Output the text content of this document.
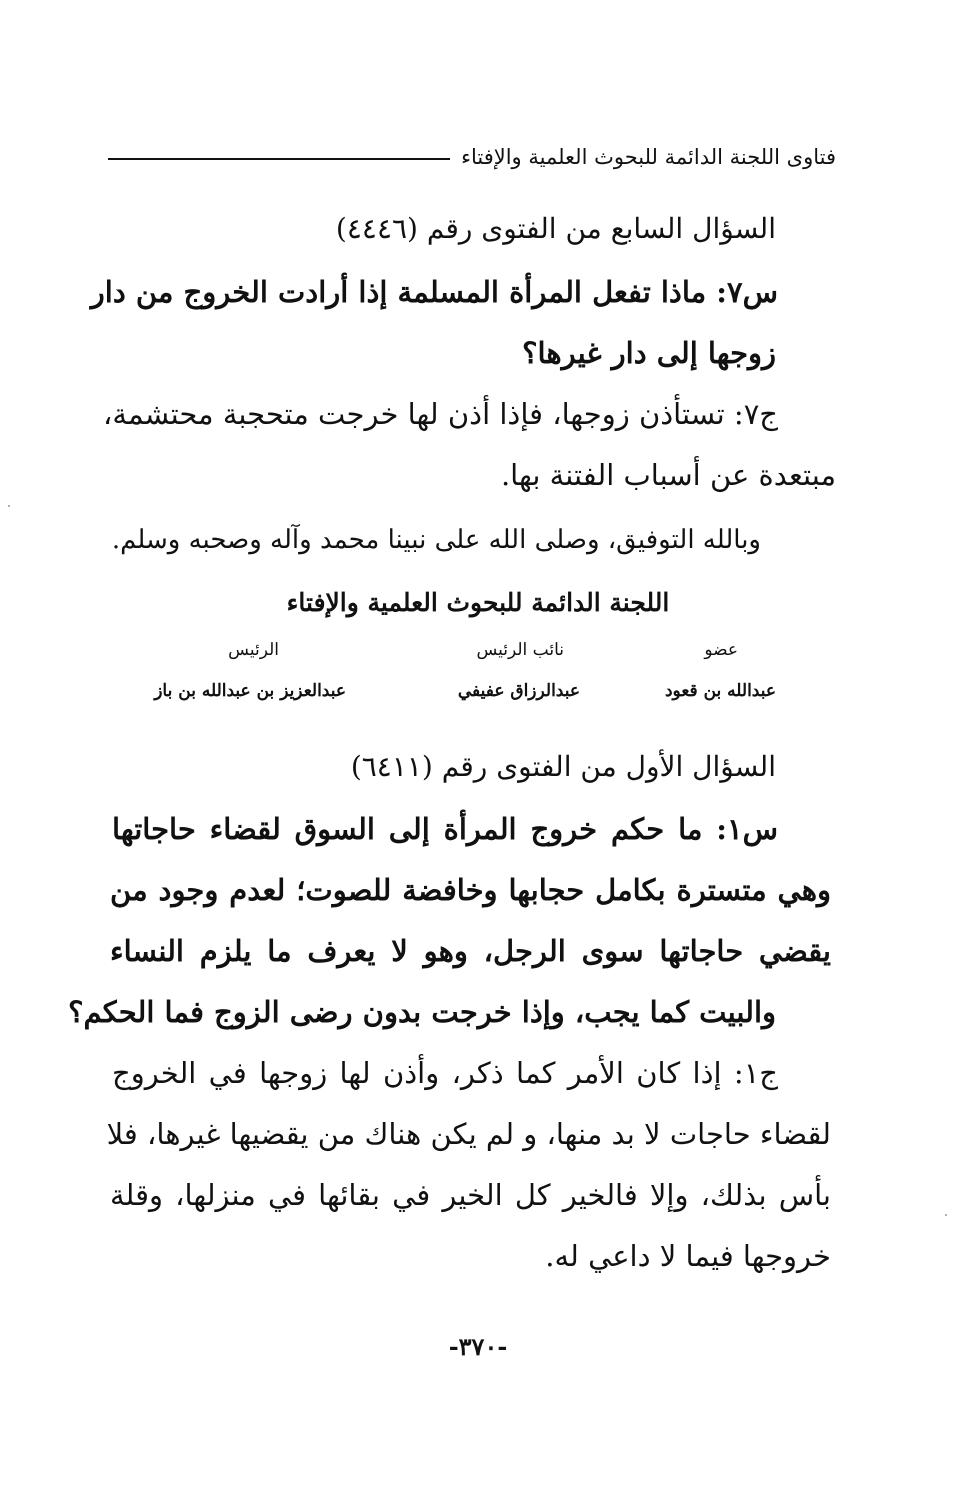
فتاوى اللجنة الدائمة للبحوث العلمية والإفتاء
السؤال السابع من الفتوى رقم (٤٤٤٦)
س٧: ماذا تفعل المرأة المسلمة إذا أرادت الخروج من دار
زوجها إلى دار غيرها؟
ج٧: تستأذن زوجها، فإذا أذن لها خرجت متحجبة محتشمة،
مبتعدة عن أسباب الفتنة بها.
وبالله التوفيق، وصلى الله على نبينا محمد وآله وصحبه وسلم.
اللجنة الدائمة للبحوث العلمية والإفتاء
عضو
نائب الرئيس
الرئيس
عبدالله بن قعود
عبدالرزاق عفيفي
عبدالعزيز بن عبدالله بن باز
السؤال الأول من الفتوى رقم (٦٤١١)
س١: ما حكم خروج المرأة إلى السوق لقضاء حاجاتها
وهي متسترة بكامل حجابها وخافضة للصوت؛ لعدم وجود من
يقضي حاجاتها سوى الرجل، وهو لا يعرف ما يلزم النساء
والبيت كما يجب، وإذا خرجت بدون رضى الزوج فما الحكم؟
ج١: إذا كان الأمر كما ذكر، وأذن لها زوجها في الخروج
لقضاء حاجات لا بد منها، و لم يكن هناك من يقضيها غيرها، فلا
بأس بذلك، وإلا فالخير كل الخير في بقائها في منزلها، وقلة
خروجها فيما لا داعي له.
-٣٧٠-
